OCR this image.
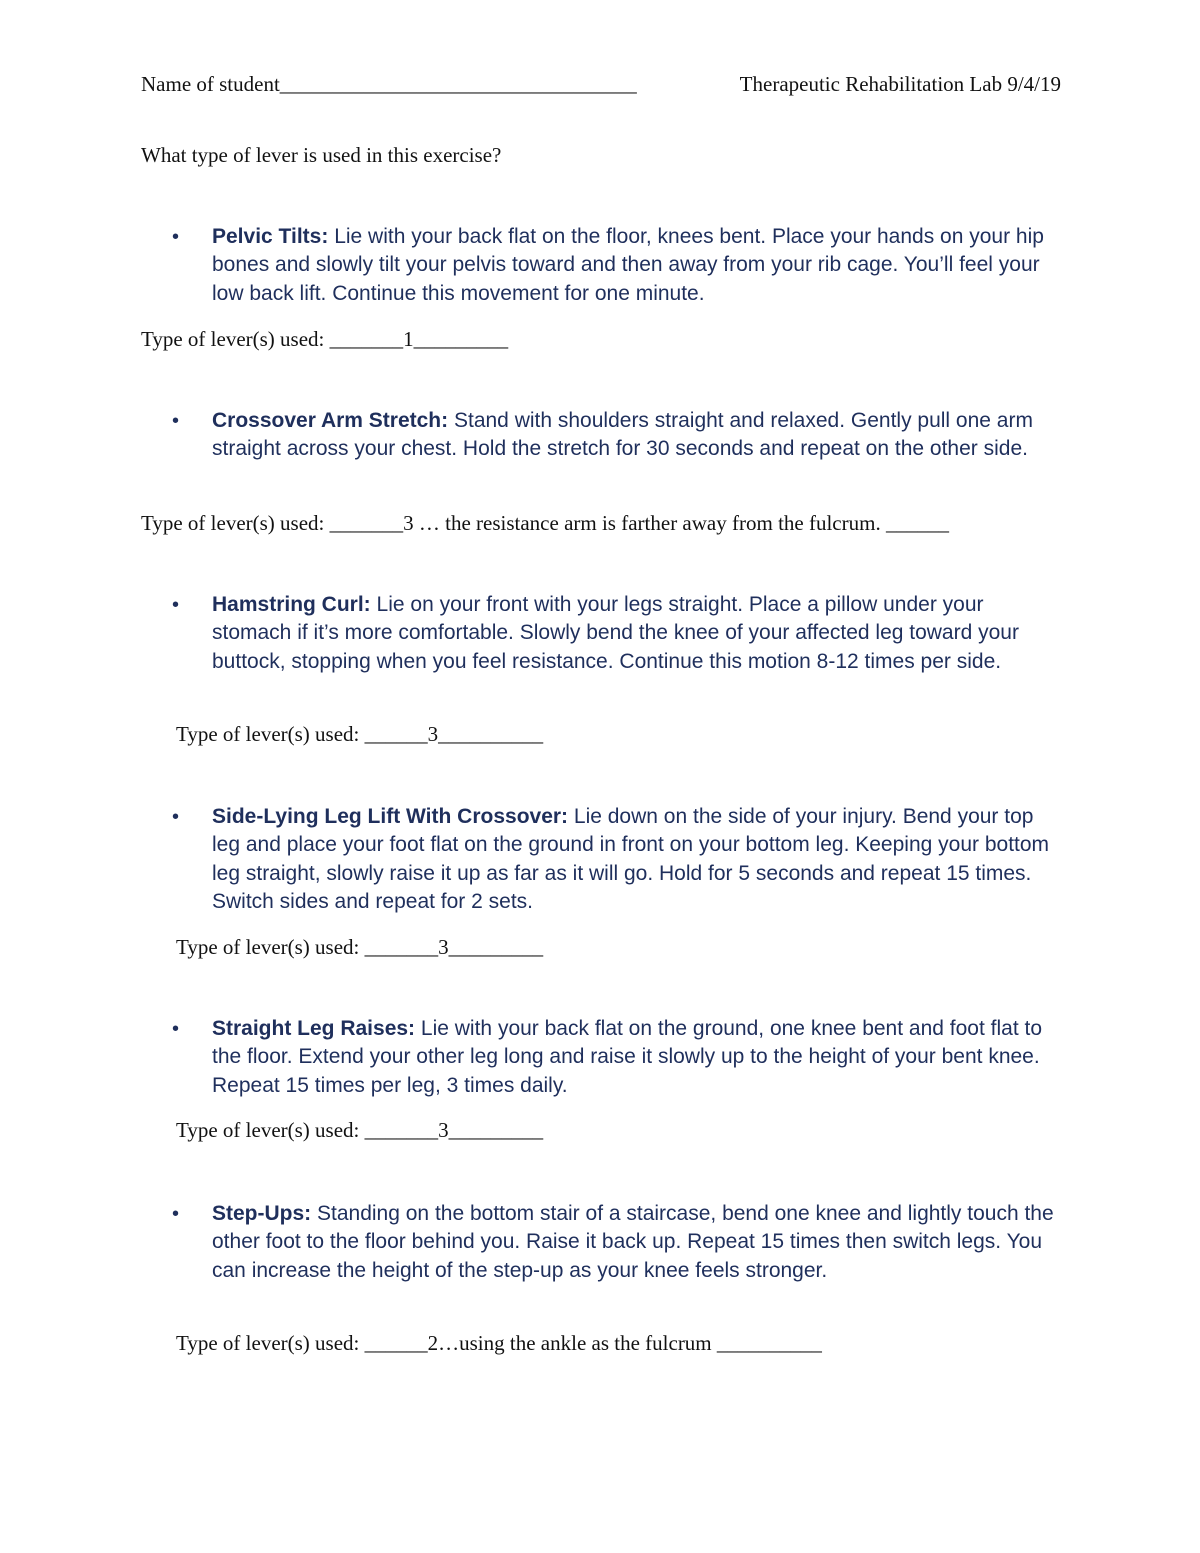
Name of student__________________________________	Therapeutic Rehabilitation Lab 9/4/19
What type of lever is used in this exercise?
• Pelvic Tilts: Lie with your back flat on the floor, knees bent. Place your hands on your hip bones and slowly tilt your pelvis toward and then away from your rib cage. You’ll feel your low back lift. Continue this movement for one minute.
Type of lever(s) used: _______1_________
• Crossover Arm Stretch: Stand with shoulders straight and relaxed. Gently pull one arm straight across your chest. Hold the stretch for 30 seconds and repeat on the other side.
Type of lever(s) used: _______3 … the resistance arm is farther away from the fulcrum. ______
• Hamstring Curl: Lie on your front with your legs straight. Place a pillow under your stomach if it’s more comfortable. Slowly bend the knee of your affected leg toward your buttock, stopping when you feel resistance. Continue this motion 8-12 times per side.
Type of lever(s) used: ______3__________
• Side-Lying Leg Lift With Crossover: Lie down on the side of your injury. Bend your top leg and place your foot flat on the ground in front on your bottom leg. Keeping your bottom leg straight, slowly raise it up as far as it will go. Hold for 5 seconds and repeat 15 times. Switch sides and repeat for 2 sets.
Type of lever(s) used: _______3_________
• Straight Leg Raises: Lie with your back flat on the ground, one knee bent and foot flat to the floor. Extend your other leg long and raise it slowly up to the height of your bent knee. Repeat 15 times per leg, 3 times daily.
Type of lever(s) used: _______3_________
• Step-Ups: Standing on the bottom stair of a staircase, bend one knee and lightly touch the other foot to the floor behind you. Raise it back up. Repeat 15 times then switch legs. You can increase the height of the step-up as your knee feels stronger.
Type of lever(s) used: ______2…using the ankle as the fulcrum __________
